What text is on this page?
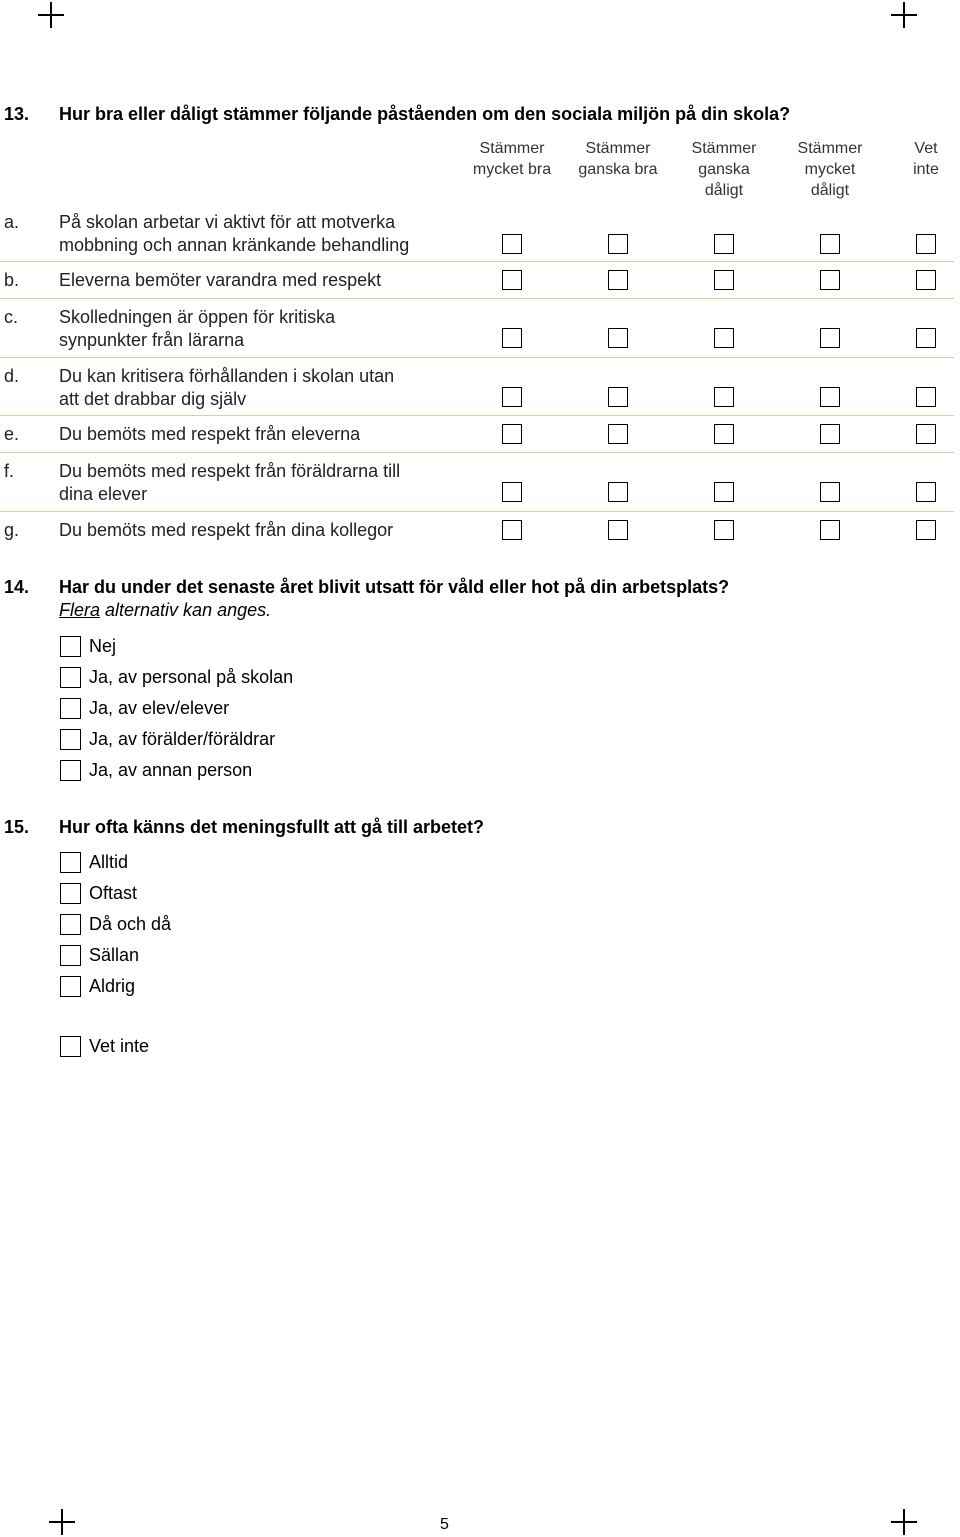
13. Hur bra eller dåligt stämmer följande påståenden om den sociala miljön på din skola?
Stämmer
mycket bra
Stämmer
ganska bra
Stämmer
ganska
dåligt
Stämmer
mycket
dåligt
Vet
inte
a. På skolan arbetar vi aktivt för att motverka
mobbning och annan kränkande behandling
b. Eleverna bemöter varandra med respekt
c. Skolledningen är öppen för kritiska
synpunkter från lärarna
d. Du kan kritisera förhållanden i skolan utan
att det drabbar dig själv
e. Du bemöts med respekt från eleverna
f. Du bemöts med respekt från föräldrarna till
dina elever
g. Du bemöts med respekt från dina kollegor
14. Har du under det senaste året blivit utsatt för våld eller hot på din arbetsplats?
Flera alternativ kan anges.
Nej
Ja, av personal på skolan
Ja, av elev/elever
Ja, av förälder/föräldrar
Ja, av annan person
15. Hur ofta känns det meningsfullt att gå till arbetet?
Alltid
Oftast
Då och då
Sällan
Aldrig
Vet inte
5
